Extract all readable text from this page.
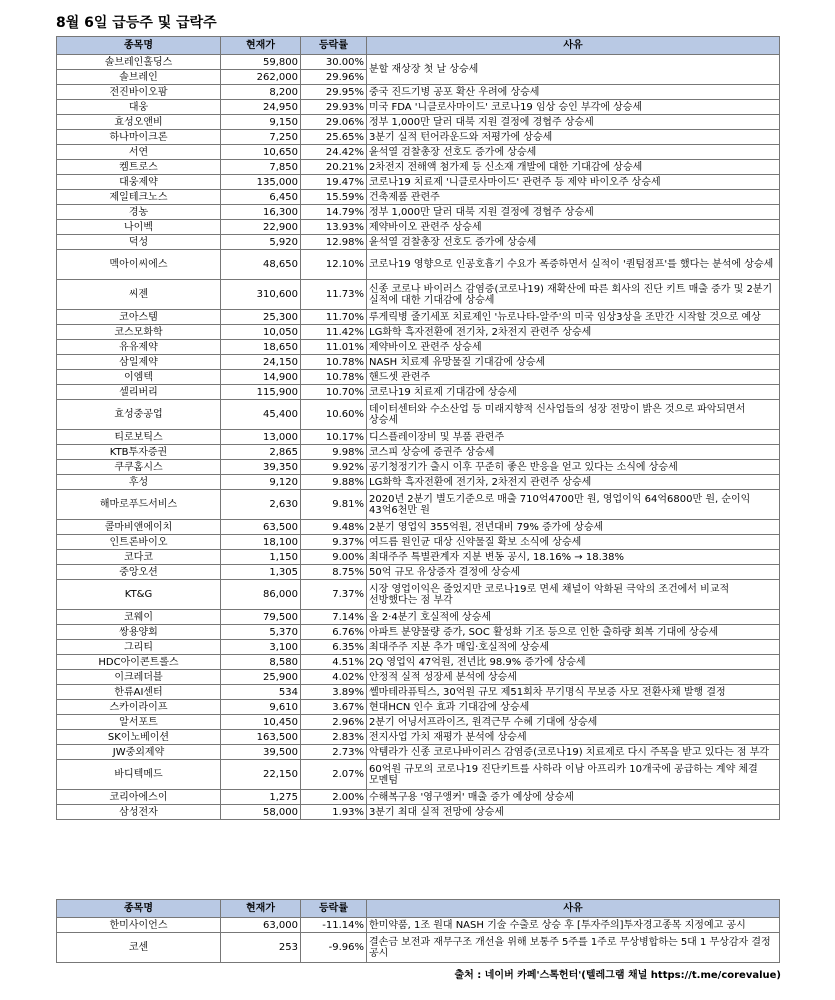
8월 6일 급등주 및 급락주
종목명	현재가	등락률	사유
솔브레인홀딩스	59,800	30.00%	분할 재상장 첫 날 상승세
솔브레인	262,000	29.96%	
전진바이오팜	8,200	29.95%	중국 진드기병 공포 확산 우려에 상승세
대웅	24,950	29.93%	미국 FDA '니클로사마이드' 코로나19 임상 승인 부각에 상승세
효성오앤비	9,150	29.06%	정부 1,000만 달러 대북 지원 결정에 경협주 상승세
하나마이크론	7,250	25.65%	3분기 실적 턴어라운드와 저평가에 상승세
서연	10,650	24.42%	윤석열 검찰총장 선호도 증가에 상승세
켐트로스	7,850	20.21%	2차전지 전해액 첨가제 등 신소재 개발에 대한 기대감에 상승세
대웅제약	135,000	19.47%	코로나19 치료제 '니클로사마이드' 관련주 등 제약 바이오주 상승세
제일테크노스	6,450	15.59%	건축제품 관련주
경농	16,300	14.79%	정부 1,000만 달러 대북 지원 결정에 경협주 상승세
나이벡	22,900	13.93%	제약바이오 관련주 상승세
덕성	5,920	12.98%	윤석열 검찰총장 선호도 증가에 상승세
멕아이씨에스	48,650	12.10%	코로나19 영향으로 인공호흡기 수요가 폭증하면서 실적이 '퀀텀점프'를 했다는 분석에 상승세
씨젠	310,600	11.73%	신종 코로나 바이러스 감염증(코로나19) 재확산에 따른 회사의 진단 키트 매출 증가 및 2분기 실적에 대한 기대감에 상승세
코아스템	25,300	11.70%	루게릭병 줄기세포 치료제인 '뉴로나타-알주'의 미국 임상3상을 조만간 시작할 것으로 예상
코스모화학	10,050	11.42%	LG화학 흑자전환에 전기차, 2차전지 관련주 상승세
유유제약	18,650	11.01%	제약바이오 관련주 상승세
삼일제약	24,150	10.78%	NASH 치료제 유망물질 기대감에 상승세
이엠텍	14,900	10.78%	핸드셋 관련주
셀리버리	115,900	10.70%	코로나19 치료제 기대감에 상승세
효성중공업	45,400	10.60%	데이터센터와 수소산업 등 미래지향적 신사업들의 성장 전망이 밝은 것으로 파악되면서 상승세
티로보틱스	13,000	10.17%	디스플레이장비 및 부품 관련주
KTB투자증권	2,865	9.98%	코스피 상승에 증권주 상승세
쿠쿠홈시스	39,350	9.92%	공기청정기가 출시 이후 꾸준히 좋은 반응을 얻고 있다는 소식에 상승세
후성	9,120	9.88%	LG화학 흑자전환에 전기차, 2차전지 관련주 상승세
해마로푸드서비스	2,630	9.81%	2020년 2분기 별도기준으로 매출 710억4700만 원, 영업이익 64억6800만 원, 순이익 43억6천만 원
콜마비앤에이치	63,500	9.48%	2분기 영업익 355억원, 전년대비 79% 증가에 상승세
인트론바이오	18,100	9.37%	여드름 원인균 대상 신약물질 확보 소식에 상승세
코다코	1,150	9.00%	최대주주 특별관계자 지분 변동 공시, 18.16% → 18.38%
중앙오션	1,305	8.75%	50억 규모 유상증자 결정에 상승세
KT&G	86,000	7.37%	시장 영업이익은 줄었지만 코로나19로 면세 채널이 악화된 극악의 조건에서 비교적 선방했다는 점 부각
코웨이	79,500	7.14%	올 2·4분기 호실적에 상승세
쌍용양회	5,370	6.76%	아파트 분양물량 증가, SOC 활성화 기조 등으로 인한 출하량 회복 기대에 상승세
그리티	3,100	6.35%	최대주주 지분 추가 매입·호실적에 상승세
HDC아이콘트롤스	8,580	4.51%	2Q 영업익 47억원, 전년比 98.9% 증가에 상승세
이크레더블	25,900	4.02%	안정적 실적 성장세 분석에 상승세
한류AI센터	534	3.89%	쎌마테라퓨틱스, 30억원 규모 제51회차 무기명식 무보증 사모 전환사채 발행 결정
스카이라이프	9,610	3.67%	현대HCN 인수 효과 기대감에 상승세
알서포트	10,450	2.96%	2분기 어닝서프라이즈, 원격근무 수혜 기대에 상승세
SK이노베이션	163,500	2.83%	전지사업 가치 재평가 분석에 상승세
JW중외제약	39,500	2.73%	악템라가 신종 코로나바이러스 감염증(코로나19) 치료제로 다시 주목을 받고 있다는 점 부각
바디텍메드	22,150	2.07%	60억원 규모의 코로나19 진단키트를 사하라 이남 아프리카 10개국에 공급하는 계약 체결 모멘텀
코리아에스이	1,275	2.00%	수해복구용 '영구앵커' 매출 증가 예상에 상승세
삼성전자	58,000	1.93%	3분기 최대 실적 전망에 상승세
종목명	현재가	등락률	사유
한미사이언스	63,000	-11.14%	한미약품, 1조 원대 NASH 기술 수출로 상승 후 [투자주의]투자경고종목 지정예고 공시
코센	253	-9.96%	결손금 보전과 재무구조 개선을 위해 보통주 5주를 1주로 무상병합하는 5대 1 무상감자 결정 공시
출처 : 네이버 카페'스톡헌터'(텔레그램 채널 https://t.me/corevalue)
